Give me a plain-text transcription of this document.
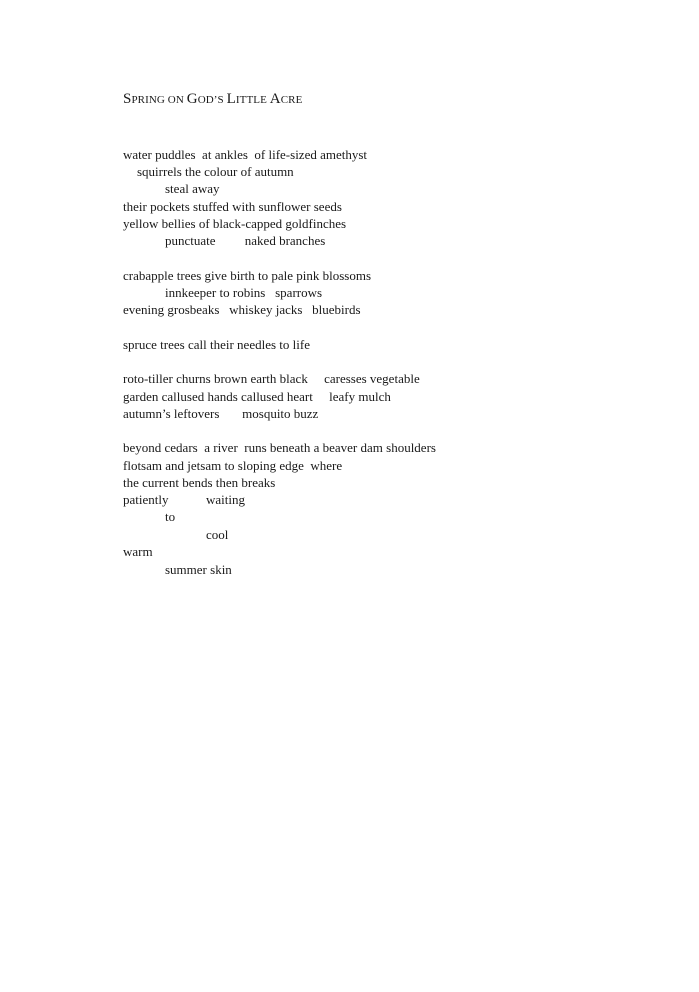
SPRING ON GOD’S LITTLE ACRE
water puddles  at ankles  of life-sized amethyst
squirrels the colour of autumn
steal away
their pockets stuffed with sunflower seeds
yellow bellies of black-capped goldfinches
punctuate         naked branches
crabapple trees give birth to pale pink blossoms
innkeeper to robins   sparrows
evening grosbeaks   whiskey jacks   bluebirds
spruce trees call their needles to life
roto-tiller churns brown earth black     caresses vegetable
garden callused hands callused heart     leafy mulch
autumn’s leftovers       mosquito buzz
beyond cedars  a river  runs beneath a beaver dam shoulders
flotsam and jetsam to sloping edge  where
the current bends then breaks
patiently	waiting
to
cool
warm
summer skin
